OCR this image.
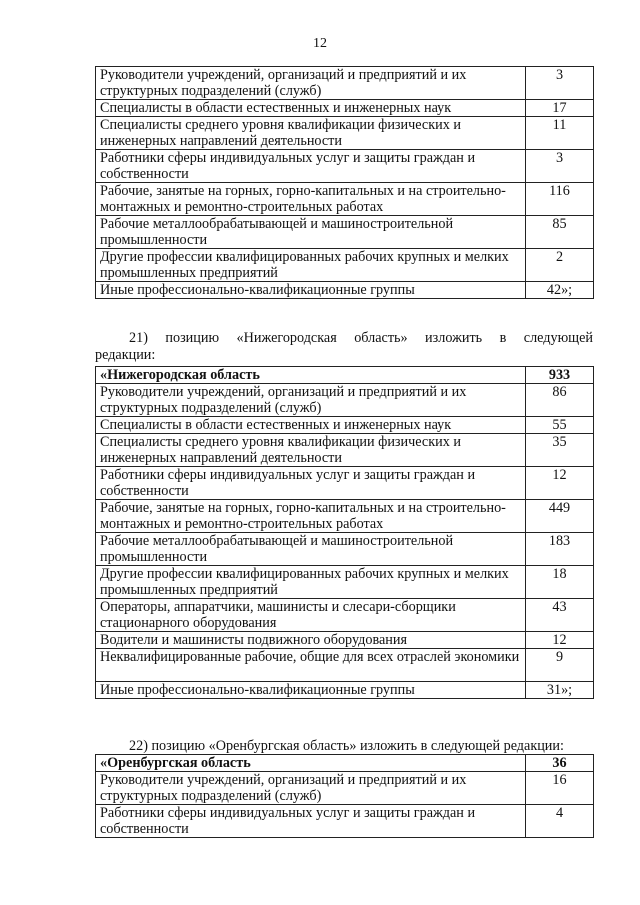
12
Руководители учреждений, организаций и предприятий и их структурных подразделений (служб)	3
Специалисты в области естественных и инженерных наук	17
Специалисты среднего уровня квалификации физических и инженерных направлений деятельности	11
Работники сферы индивидуальных услуг и защиты граждан и собственности	3
Рабочие, занятые на горных, горно-капитальных и на строительно-монтажных и ремонтно-строительных работах	116
Рабочие металлообрабатывающей и машиностроительной промышленности	85
Другие профессии квалифицированных рабочих крупных и мелких промышленных предприятий	2
Иные профессионально-квалификационные группы	42»;
21) позицию «Нижегородская область» изложить в следующей редакции:
«Нижегородская область	933
Руководители учреждений, организаций и предприятий и их структурных подразделений (служб)	86
Специалисты в области естественных и инженерных наук	55
Специалисты среднего уровня квалификации физических и инженерных направлений деятельности	35
Работники сферы индивидуальных услуг и защиты граждан и собственности	12
Рабочие, занятые на горных, горно-капитальных и на строительно-монтажных и ремонтно-строительных работах	449
Рабочие металлообрабатывающей и машиностроительной промышленности	183
Другие профессии квалифицированных рабочих крупных и мелких промышленных предприятий	18
Операторы, аппаратчики, машинисты и слесари-сборщики стационарного оборудования	43
Водители и машинисты подвижного оборудования	12
Неквалифицированные рабочие, общие для всех отраслей экономики	9
Иные профессионально-квалификационные группы	31»;
22) позицию «Оренбургская область» изложить в следующей редакции:
«Оренбургская область	36
Руководители учреждений, организаций и предприятий и их структурных подразделений (служб)	16
Работники сферы индивидуальных услуг и защиты граждан и собственности	4
